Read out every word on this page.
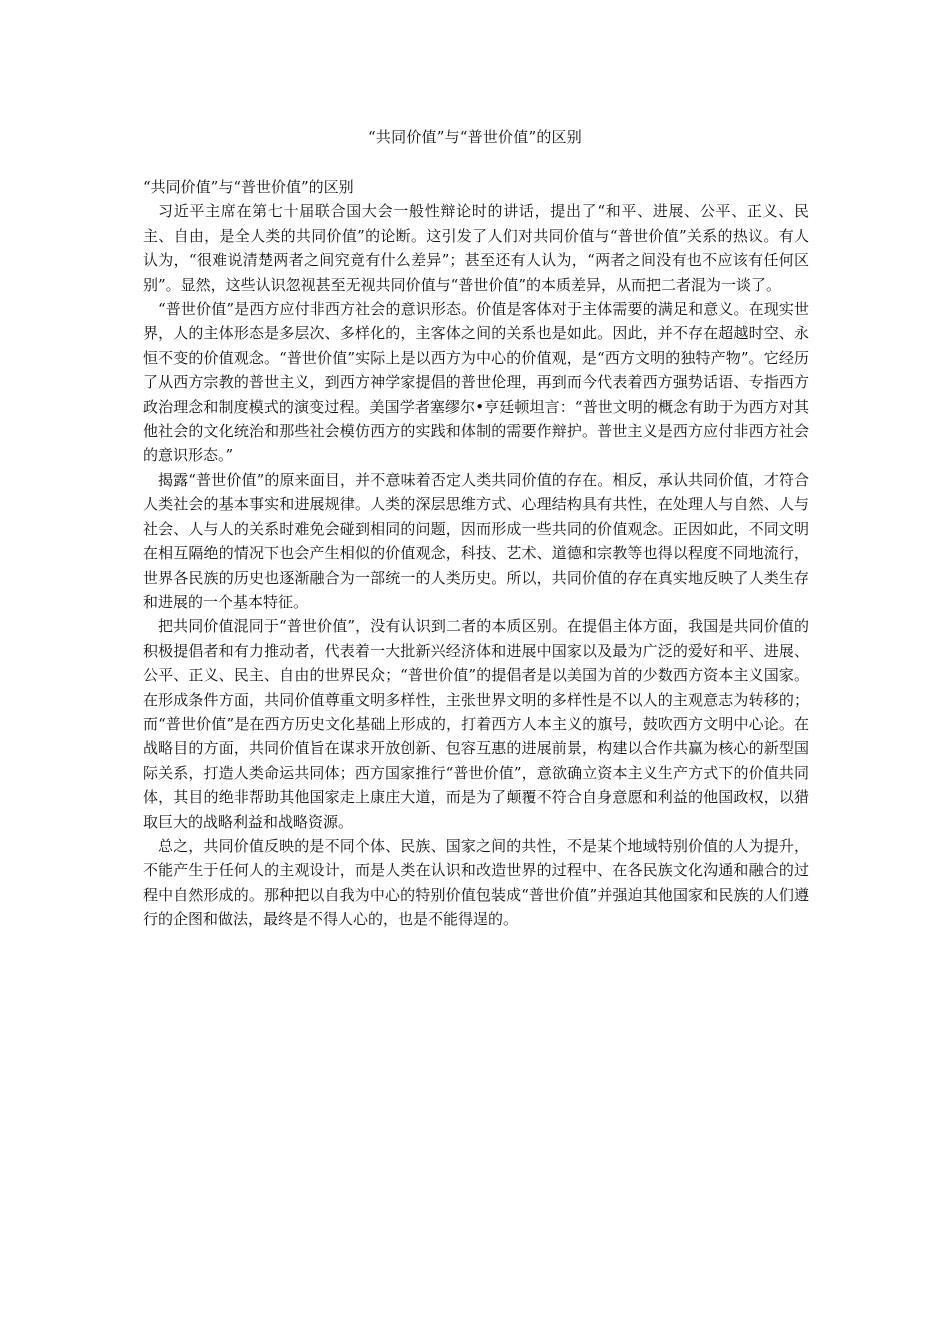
“共同价值”与“普世价值”的区别

“共同价值”与“普世价值”的区别

习近平主席在第七十届联合国大会一般性辩论时的讲话，提出了“和平、进展、公平、正义、民主、自由，是全人类的共同价值”的论断。这引发了人们对共同价值与“普世价值”关系的热议。有人认为，“很难说清楚两者之间究竟有什么差异”；甚至还有人认为，“两者之间没有也不应该有任何区别”。显然，这些认识忽视甚至无视共同价值与“普世价值”的本质差异，从而把二者混为一谈了。

“普世价值”是西方应付非西方社会的意识形态。价值是客体对于主体需要的满足和意义。在现实世界，人的主体形态是多层次、多样化的，主客体之间的关系也是如此。因此，并不存在超越时空、永恒不变的价值观念。“普世价值”实际上是以西方为中心的价值观，是“西方文明的独特产物”。它经历了从西方宗教的普世主义，到西方神学家提倡的普世伦理，再到而今代表着西方强势话语、专指西方政治理念和制度模式的演变过程。美国学者塞缪尔•亨廷顿坦言：“普世文明的概念有助于为西方对其他社会的文化统治和那些社会模仿西方的实践和体制的需要作辩护。普世主义是西方应付非西方社会的意识形态。”

揭露“普世价值”的原来面目，并不意味着否定人类共同价值的存在。相反，承认共同价值，才符合人类社会的基本事实和进展规律。人类的深层思维方式、心理结构具有共性，在处理人与自然、人与社会、人与人的关系时难免会碰到相同的问题，因而形成一些共同的价值观念。正因如此，不同文明在相互隔绝的情况下也会产生相似的价值观念，科技、艺术、道德和宗教等也得以程度不同地流行，世界各民族的历史也逐渐融合为一部统一的人类历史。所以，共同价值的存在真实地反映了人类生存和进展的一个基本特征。

把共同价值混同于“普世价值”，没有认识到二者的本质区别。在提倡主体方面，我国是共同价值的积极提倡者和有力推动者，代表着一大批新兴经济体和进展中国家以及最为广泛的爱好和平、进展、公平、正义、民主、自由的世界民众；“普世价值”的提倡者是以美国为首的少数西方资本主义国家。在形成条件方面，共同价值尊重文明多样性，主张世界文明的多样性是不以人的主观意志为转移的；而“普世价值”是在西方历史文化基础上形成的，打着西方人本主义的旗号，鼓吹西方文明中心论。在战略目的方面，共同价值旨在谋求开放创新、包容互惠的进展前景，构建以合作共赢为核心的新型国际关系，打造人类命运共同体；西方国家推行“普世价值”，意欲确立资本主义生产方式下的价值共同体，其目的绝非帮助其他国家走上康庄大道，而是为了颠覆不符合自身意愿和利益的他国政权，以猎取巨大的战略利益和战略资源。

总之，共同价值反映的是不同个体、民族、国家之间的共性，不是某个地域特别价值的人为提升，不能产生于任何人的主观设计，而是人类在认识和改造世界的过程中、在各民族文化沟通和融合的过程中自然形成的。那种把以自我为中心的特别价值包装成“普世价值”并强迫其他国家和民族的人们遵行的企图和做法，最终是不得人心的，也是不能得逞的。
